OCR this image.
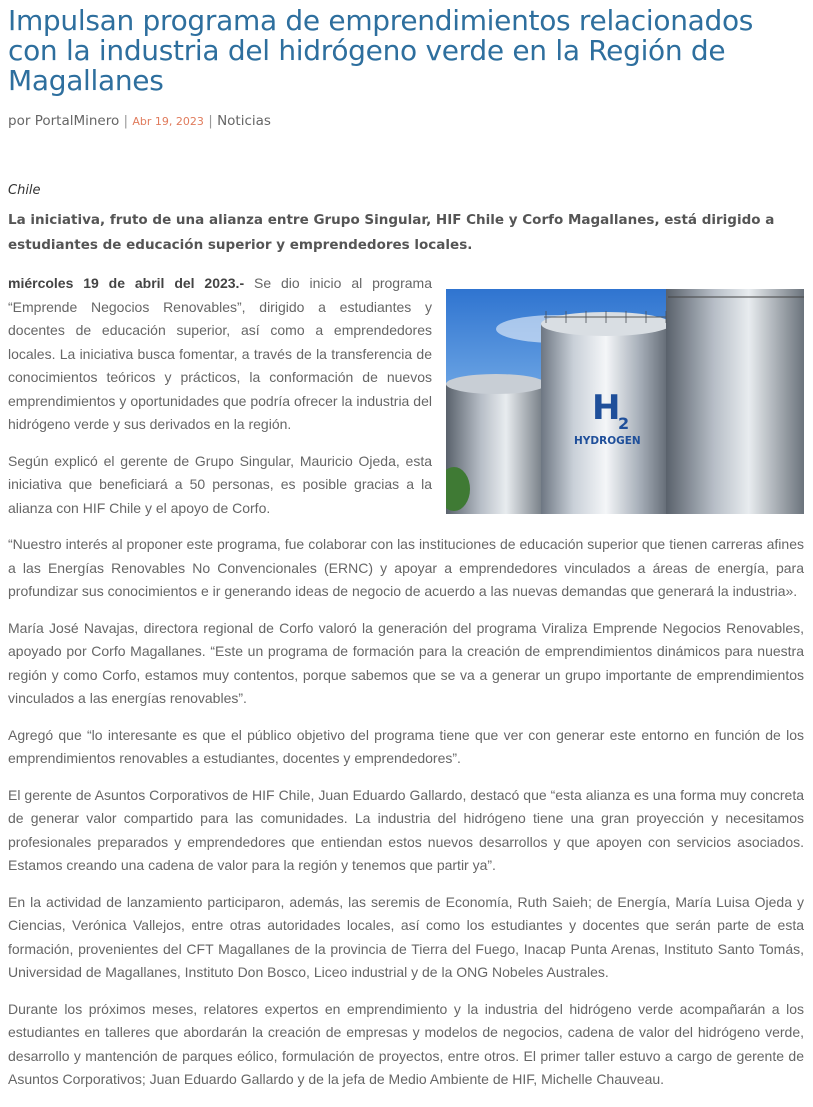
Impulsan programa de emprendimientos relacionados con la industria del hidrógeno verde en la Región de Magallanes
por PortalMinero | Abr 19, 2023 | Noticias
Chile
La iniciativa, fruto de una alianza entre Grupo Singular, HIF Chile y Corfo Magallanes, está dirigido a estudiantes de educación superior y emprendedores locales.
H
2
HYDROGEN

miércoles 19 de abril del 2023.- Se dio inicio al programa “Emprende Negocios Renovables”, dirigido a estudiantes y docentes de educación superior, así como a emprendedores locales. La iniciativa busca fomentar, a través de la transferencia de conocimientos teóricos y prácticos, la conformación de nuevos emprendimientos y oportunidades que podría ofrecer la industria del hidrógeno verde y sus derivados en la región.

Según explicó el gerente de Grupo Singular, Mauricio Ojeda, esta iniciativa que beneficiará a 50 personas, es posible gracias a la alianza con HIF Chile y el apoyo de Corfo.

“Nuestro interés al proponer este programa, fue colaborar con las instituciones de educación superior que tienen carreras afines a las Energías Renovables No Convencionales (ERNC) y apoyar a emprendedores vinculados a áreas de energía, para profundizar sus conocimientos e ir generando ideas de negocio de acuerdo a las nuevas demandas que generará la industria».

María José Navajas, directora regional de Corfo valoró la generación del programa Viraliza Emprende Negocios Renovables, apoyado por Corfo Magallanes. “Este un programa de formación para la creación de emprendimientos dinámicos para nuestra región y como Corfo, estamos muy contentos, porque sabemos que se va a generar un grupo importante de emprendimientos vinculados a las energías renovables”.

Agregó que “lo interesante es que el público objetivo del programa tiene que ver con generar este entorno en función de los emprendimientos renovables a estudiantes, docentes y emprendedores”.

El gerente de Asuntos Corporativos de HIF Chile, Juan Eduardo Gallardo, destacó que “esta alianza es una forma muy concreta de generar valor compartido para las comunidades. La industria del hidrógeno tiene una gran proyección y necesitamos profesionales preparados y emprendedores que entiendan estos nuevos desarrollos y que apoyen con servicios asociados. Estamos creando una cadena de valor para la región y tenemos que partir ya”.

En la actividad de lanzamiento participaron, además, las seremis de Economía, Ruth Saieh; de Energía, María Luisa Ojeda y Ciencias, Verónica Vallejos, entre otras autoridades locales, así como los estudiantes y docentes que serán parte de esta formación, provenientes del CFT Magallanes de la provincia de Tierra del Fuego, Inacap Punta Arenas, Instituto Santo Tomás, Universidad de Magallanes, Instituto Don Bosco, Liceo industrial y de la ONG Nobeles Australes.

Durante los próximos meses, relatores expertos en emprendimiento y la industria del hidrógeno verde acompañarán a los estudiantes en talleres que abordarán la creación de empresas y modelos de negocios, cadena de valor del hidrógeno verde, desarrollo y mantención de parques eólico, formulación de proyectos, entre otros. El primer taller estuvo a cargo de gerente de Asuntos Corporativos; Juan Eduardo Gallardo y de la jefa de Medio Ambiente de HIF, Michelle Chauveau.
